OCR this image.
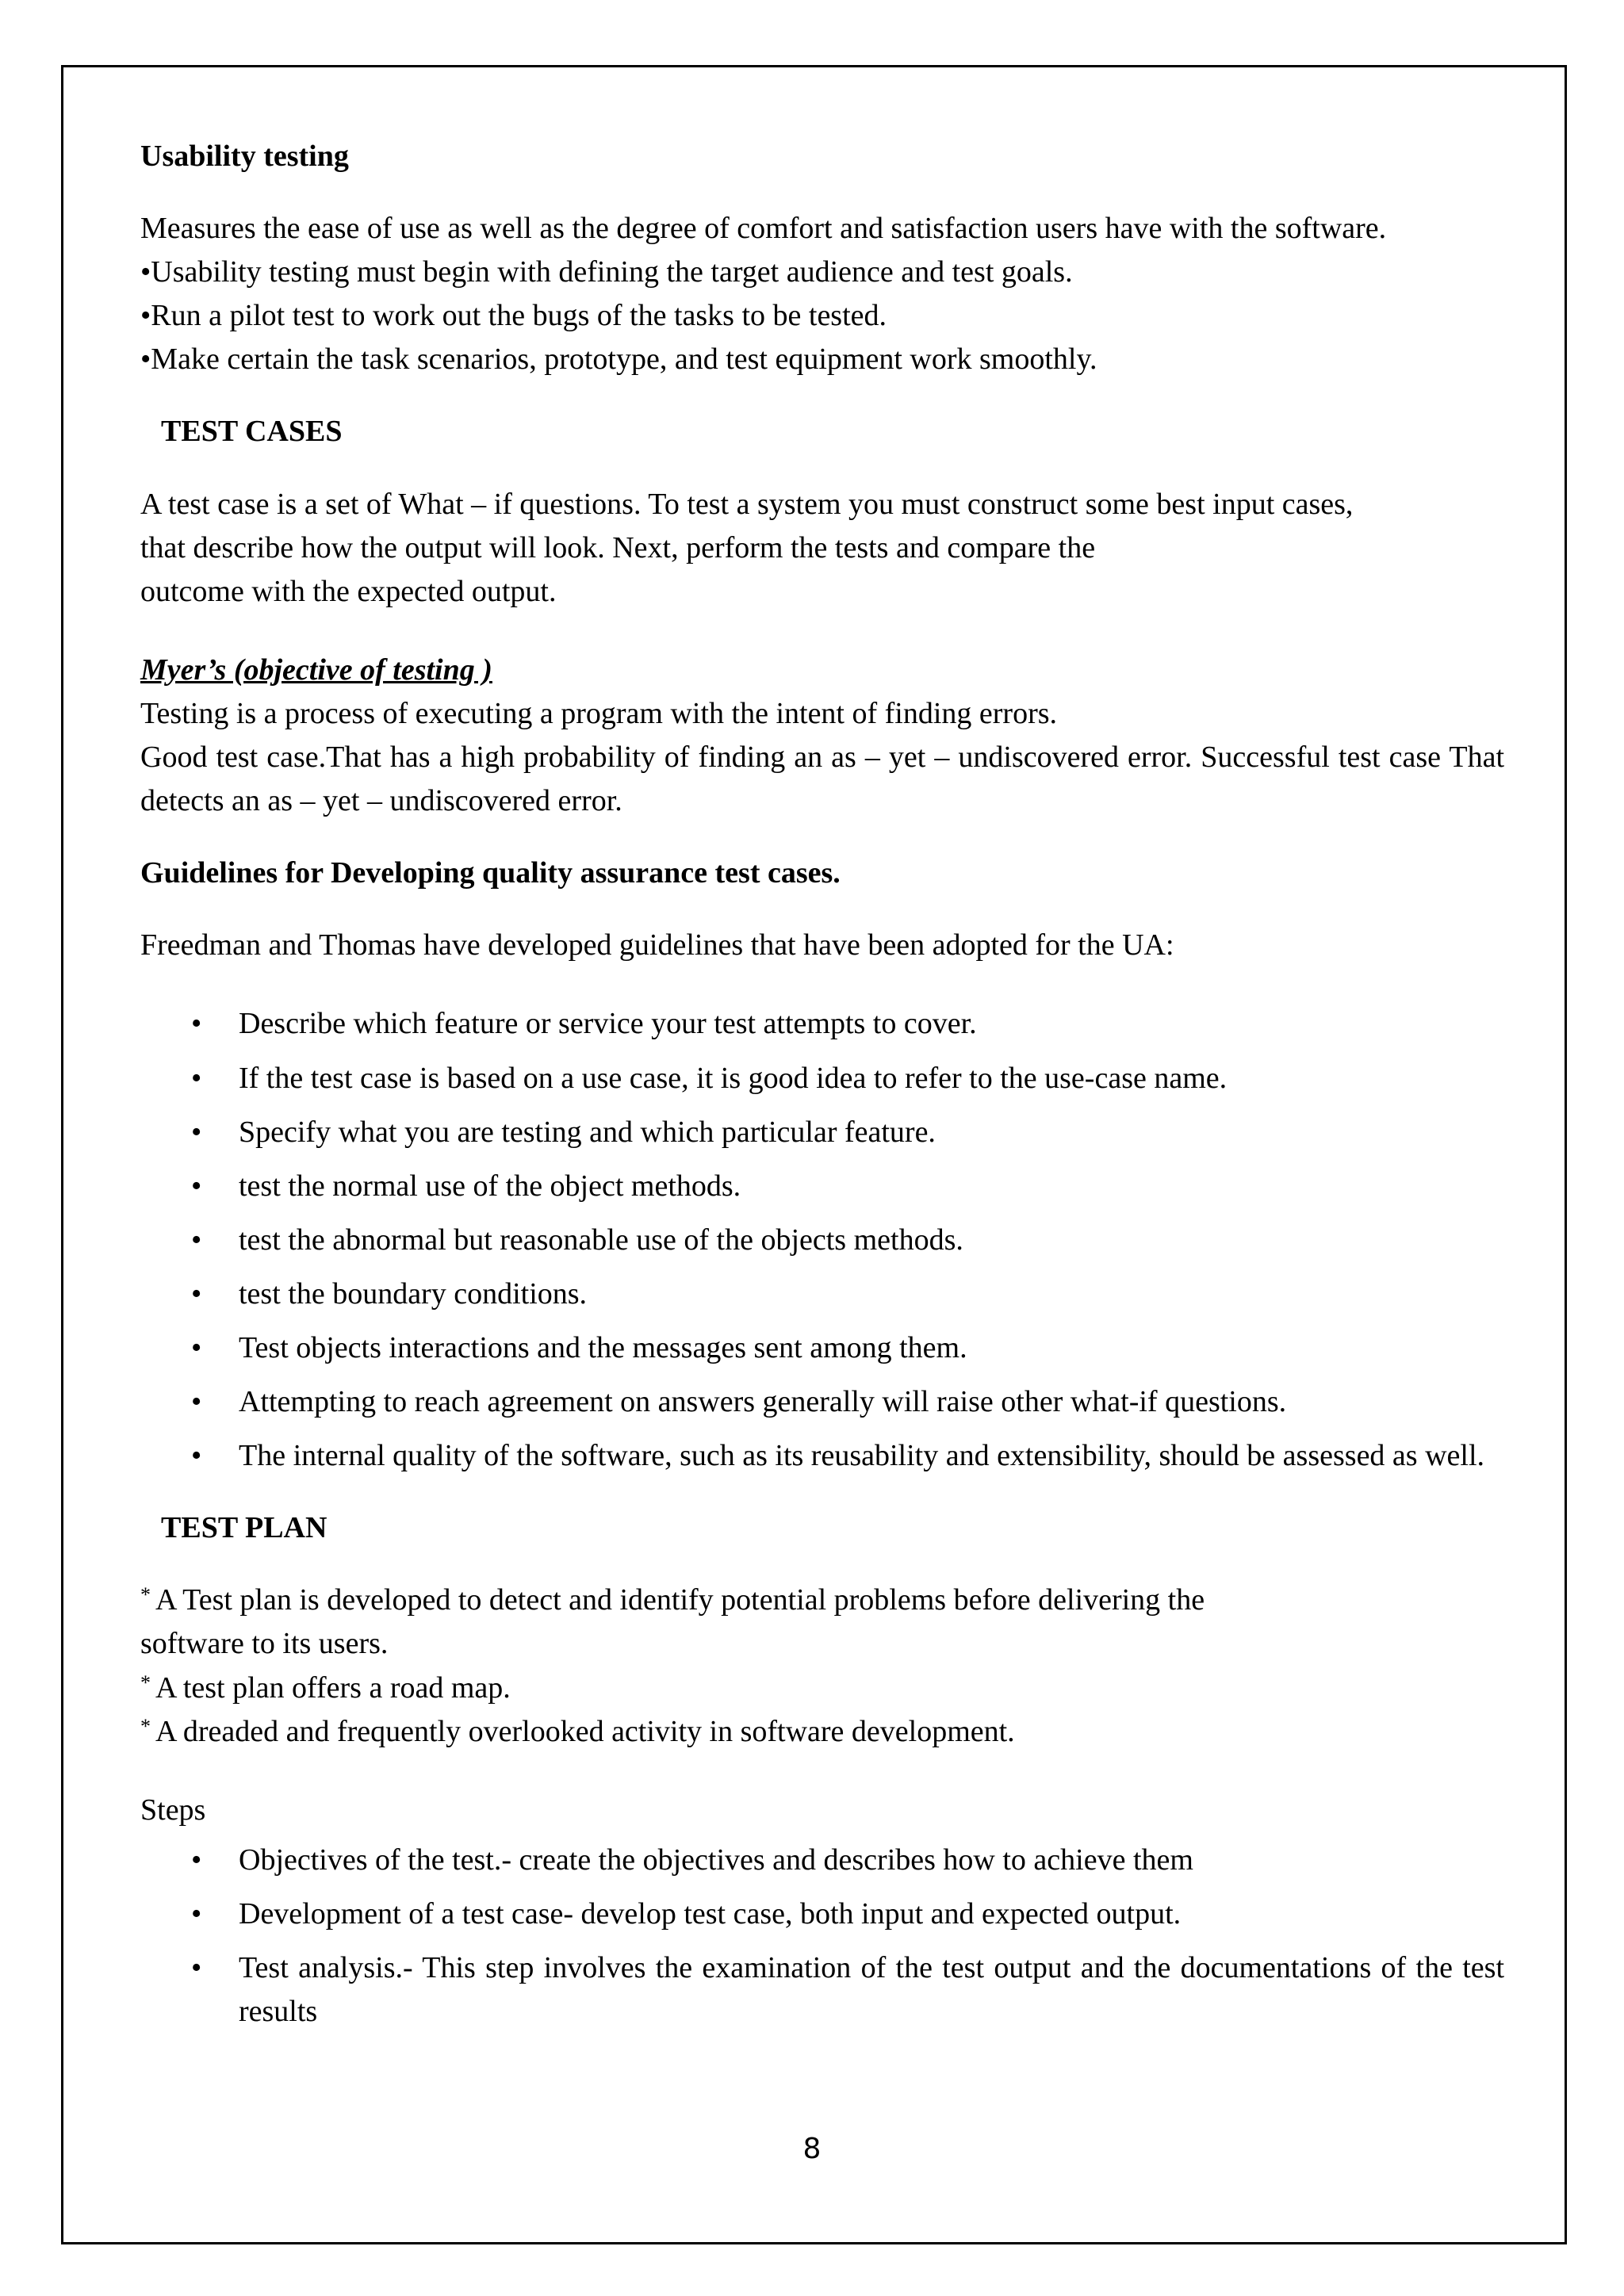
Usability testing

Measures the ease of use as well as the degree of comfort and satisfaction users have with the software.

•Usability testing must begin with defining the target audience and test goals.

•Run a pilot test to work out the bugs of the tasks to be tested.

•Make certain the task scenarios, prototype, and test equipment work smoothly.

TEST CASES

A test case is a set of What – if questions. To test a system you must construct some best input cases,

that describe how the output will look. Next, perform the tests and compare the

outcome with the expected output.

Myer’s (objective of testing )

Testing is a process of executing a program with the intent of finding errors.

Good test case.That has a high probability of finding an as – yet – undiscovered error. Successful test case That detects an as – yet – undiscovered error.

Guidelines for Developing quality assurance test cases.

Freedman and Thomas have developed guidelines that have been adopted for the UA:

• Describe which feature or service your test attempts to cover.
• If the test case is based on a use case, it is good idea to refer to the use-case name.
• Specify what you are testing and which particular feature.
• test the normal use of the object methods.
• test the abnormal but reasonable use of the objects methods.
• test the boundary conditions.
• Test objects interactions and the messages sent among them.
• Attempting to reach agreement on answers generally will raise other what-if questions.
• The internal quality of the software, such as its reusability and extensibility, should be assessed as well.
TEST PLAN

* A Test plan is developed to detect and identify potential problems before delivering the

software to its users.

* A test plan offers a road map.

* A dreaded and frequently overlooked activity in software development.

Steps

• Objectives of the test.- create the objectives and describes how to achieve them
• Development of a test case- develop test case, both input and expected output.
• Test analysis.- This step involves the examination of the test output and the documentations of the test results
8
